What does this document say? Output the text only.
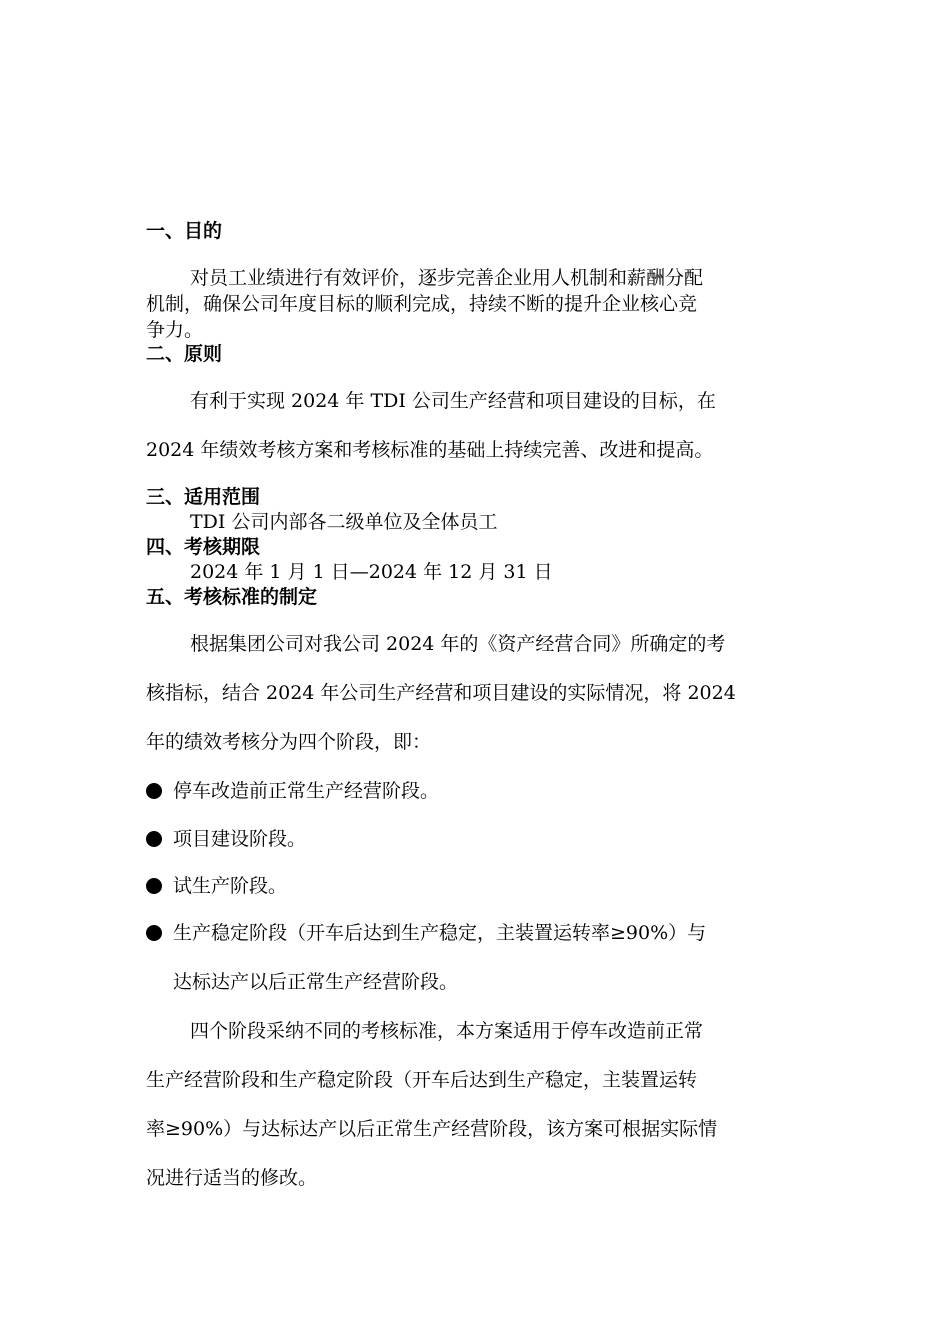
一、目的
对员工业绩进行有效评价，逐步完善企业用人机制和薪酬分配
机制，确保公司年度目标的顺利完成，持续不断的提升企业核心竞
争力。
二、原则
有利于实现 2024 年 TDI 公司生产经营和项目建设的目标，在
2024 年绩效考核方案和考核标准的基础上持续完善、改进和提高。
三、适用范围
TDI 公司内部各二级单位及全体员工
四、考核期限
2024 年 1 月 1 日—2024 年 12 月 31 日
五、考核标准的制定
根据集团公司对我公司 2024 年的《资产经营合同》所确定的考
核指标，结合 2024 年公司生产经营和项目建设的实际情况，将 2024
年的绩效考核分为四个阶段，即：
停车改造前正常生产经营阶段。
项目建设阶段。
试生产阶段。
生产稳定阶段（开车后达到生产稳定，主装置运转率≥90%）与
达标达产以后正常生产经营阶段。
四个阶段采纳不同的考核标准，本方案适用于停车改造前正常
生产经营阶段和生产稳定阶段（开车后达到生产稳定，主装置运转
率≥90%）与达标达产以后正常生产经营阶段，该方案可根据实际情
况进行适当的修改。
